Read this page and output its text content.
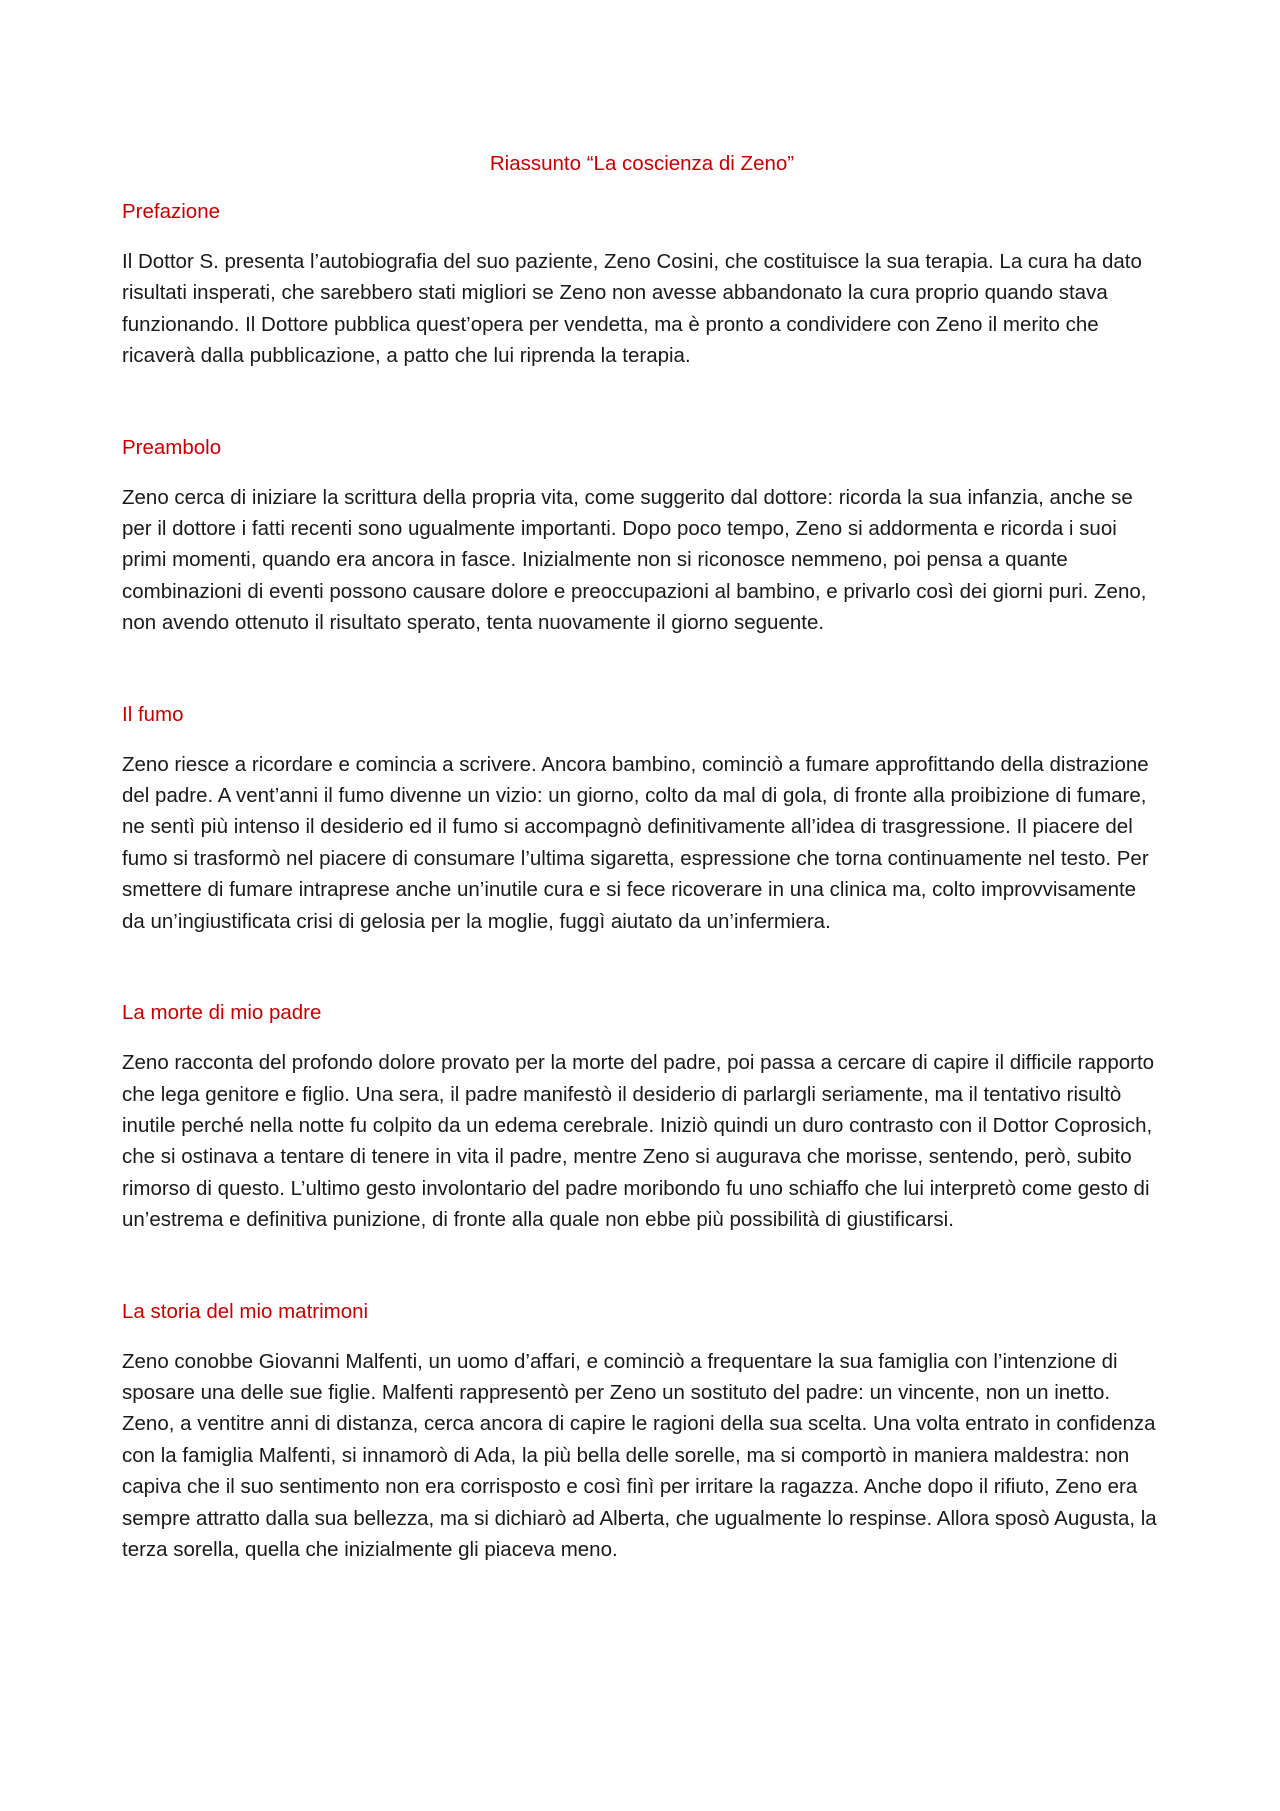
Riassunto “La coscienza di Zeno”
Prefazione

Il Dottor S. presenta l’autobiografia del suo paziente, Zeno Cosini, che costituisce la sua terapia. La cura ha dato risultati insperati, che sarebbero stati migliori se Zeno non avesse abbandonato la cura proprio quando stava funzionando. Il Dottore pubblica quest’opera per vendetta, ma è pronto a condividere con Zeno il merito che ricaverà dalla pubblicazione, a patto che lui riprenda la terapia.

Preambolo

Zeno cerca di iniziare la scrittura della propria vita, come suggerito dal dottore: ricorda la sua infanzia, anche se per il dottore i fatti recenti sono ugualmente importanti. Dopo poco tempo, Zeno si addormenta e ricorda i suoi primi momenti, quando era ancora in fasce. Inizialmente non si riconosce nemmeno, poi pensa a quante combinazioni di eventi possono causare dolore e preoccupazioni al bambino, e privarlo così dei giorni puri. Zeno, non avendo ottenuto il risultato sperato, tenta nuovamente il giorno seguente.

Il fumo

Zeno riesce a ricordare e comincia a scrivere. Ancora bambino, cominciò a fumare approfittando della distrazione del padre. A vent’anni il fumo divenne un vizio: un giorno, colto da mal di gola, di fronte alla proibizione di fumare, ne sentì più intenso il desiderio ed il fumo si accompagnò definitivamente all’idea di trasgressione. Il piacere del fumo si trasformò nel piacere di consumare l’ultima sigaretta, espressione che torna continuamente nel testo. Per smettere di fumare intraprese anche un’inutile cura e si fece ricoverare in una clinica ma, colto improvvisamente da un’ingiustificata crisi di gelosia per la moglie, fuggì aiutato da un’infermiera.

La morte di mio padre

Zeno racconta del profondo dolore provato per la morte del padre, poi passa a cercare di capire il difficile rapporto che lega genitore e figlio. Una sera, il padre manifestò il desiderio di parlargli seriamente, ma il tentativo risultò inutile perché nella notte fu colpito da un edema cerebrale. Iniziò quindi un duro contrasto con il Dottor Coprosich, che si ostinava a tentare di tenere in vita il padre, mentre Zeno si augurava che morisse, sentendo, però, subito rimorso di questo. L’ultimo gesto involontario del padre moribondo fu uno schiaffo che lui interpretò come gesto di un’estrema e definitiva punizione, di fronte alla quale non ebbe più possibilità di giustificarsi.

La storia del mio matrimoni

Zeno conobbe Giovanni Malfenti, un uomo d’affari, e cominciò a frequentare la sua famiglia con l’intenzione di sposare una delle sue figlie. Malfenti rappresentò per Zeno un sostituto del padre: un vincente, non un inetto. Zeno, a ventitre anni di distanza, cerca ancora di capire le ragioni della sua scelta. Una volta entrato in confidenza con la famiglia Malfenti, si innamorò di Ada, la più bella delle sorelle, ma si comportò in maniera maldestra: non capiva che il suo sentimento non era corrisposto e così finì per irritare la ragazza. Anche dopo il rifiuto, Zeno era sempre attratto dalla sua bellezza, ma si dichiarò ad Alberta, che ugualmente lo respinse. Allora sposò Augusta, la terza sorella, quella che inizialmente gli piaceva meno.
